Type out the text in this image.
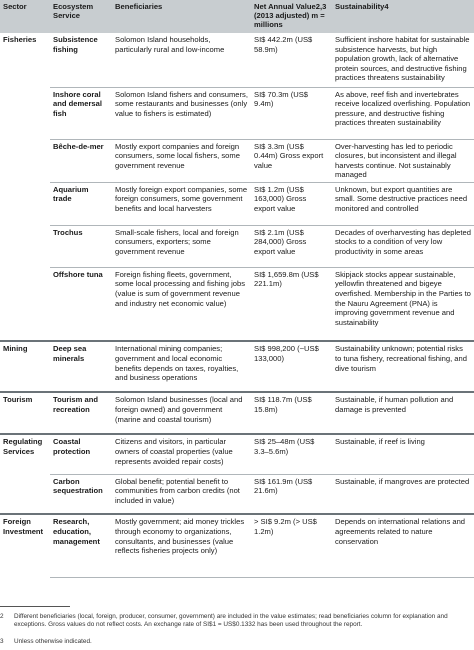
Sector	Ecosystem Service	Beneficiaries	Net Annual Value2,3 (2013 adjusted) m = millions	Sustainability4
Fisheries	Subsistence fishing	Solomon Island households, particularly rural and low-income	SI$ 442.2m (US$ 58.9m)	Sufficient inshore habitat for sustainable subsistence harvests, but high population growth, lack of alternative protein sources, and destructive fishing practices threatens sustainability
	Inshore coral and demersal fish	Solomon Island fishers and consumers, some restaurants and businesses (only value to fishers is estimated)	SI$ 70.3m (US$ 9.4m)	As above, reef fish and invertebrates receive localized overfishing. Population pressure, and destructive fishing practices threaten sustainability
	Bêche-de-mer	Mostly export companies and foreign consumers, some local fishers, some government revenue	SI$ 3.3m (US$ 0.44m) Gross export value	Over-harvesting has led to periodic closures, but inconsistent and illegal harvests continue. Not sustainably managed
	Aquarium trade	Mostly foreign export companies, some foreign consumers, some government benefits and local harvesters	SI$ 1.2m (US$ 163,000) Gross export value	Unknown, but export quantities are small. Some destructive practices need monitored and controlled
	Trochus	Small-scale fishers, local and foreign consumers, exporters; some government revenue	SI$ 2.1m (US$ 284,000) Gross export value	Decades of overharvesting has depleted stocks to a condition of very low productivity in some areas
	Offshore tuna	Foreign fishing fleets, government, some local processing and fishing jobs (value is sum of government revenue and industry net economic value)	SI$ 1,659.8m (US$ 221.1m)	Skipjack stocks appear sustainable, yellowfin threatened and bigeye overfished. Membership in the Parties to the Nauru Agreement (PNA) is improving government revenue and sustainability
Mining	Deep sea minerals	International mining companies; government and local economic benefits depends on taxes, royalties, and business operations	SI$ 998,200 (~US$ 133,000)	Sustainability unknown; potential risks to tuna fishery, recreational fishing, and dive tourism
Tourism	Tourism and recreation	Solomon Island businesses (local and foreign owned) and government (marine and coastal tourism)	SI$ 118.7m (US$ 15.8m)	Sustainable, if human pollution and damage is prevented
Regulating Services	Coastal protection	Citizens and visitors, in particular owners of coastal properties (value represents avoided repair costs)	SI$ 25–48m (US$ 3.3–5.6m)	Sustainable, if reef is living
	Carbon sequestration	Global benefit; potential benefit to communities from carbon credits (not included in value)	SI$ 161.9m (US$ 21.6m)	Sustainable, if mangroves are protected
Foreign Investment	Research, education, management	Mostly government; aid money trickles through economy to organizations, consultants, and businesses (value reflects fisheries projects only)	> SI$ 9.2m (> US$ 1.2m)	Depends on international relations and agreements related to nature conservation
2	Different beneficiaries (local, foreign, producer, consumer, government) are included in the value estimates; read beneficiaries column for explanation and exceptions. Gross values do not reflect costs. An exchange rate of SI$1 = US$0.1332 has been used throughout the report.
3	Unless otherwise indicated.
